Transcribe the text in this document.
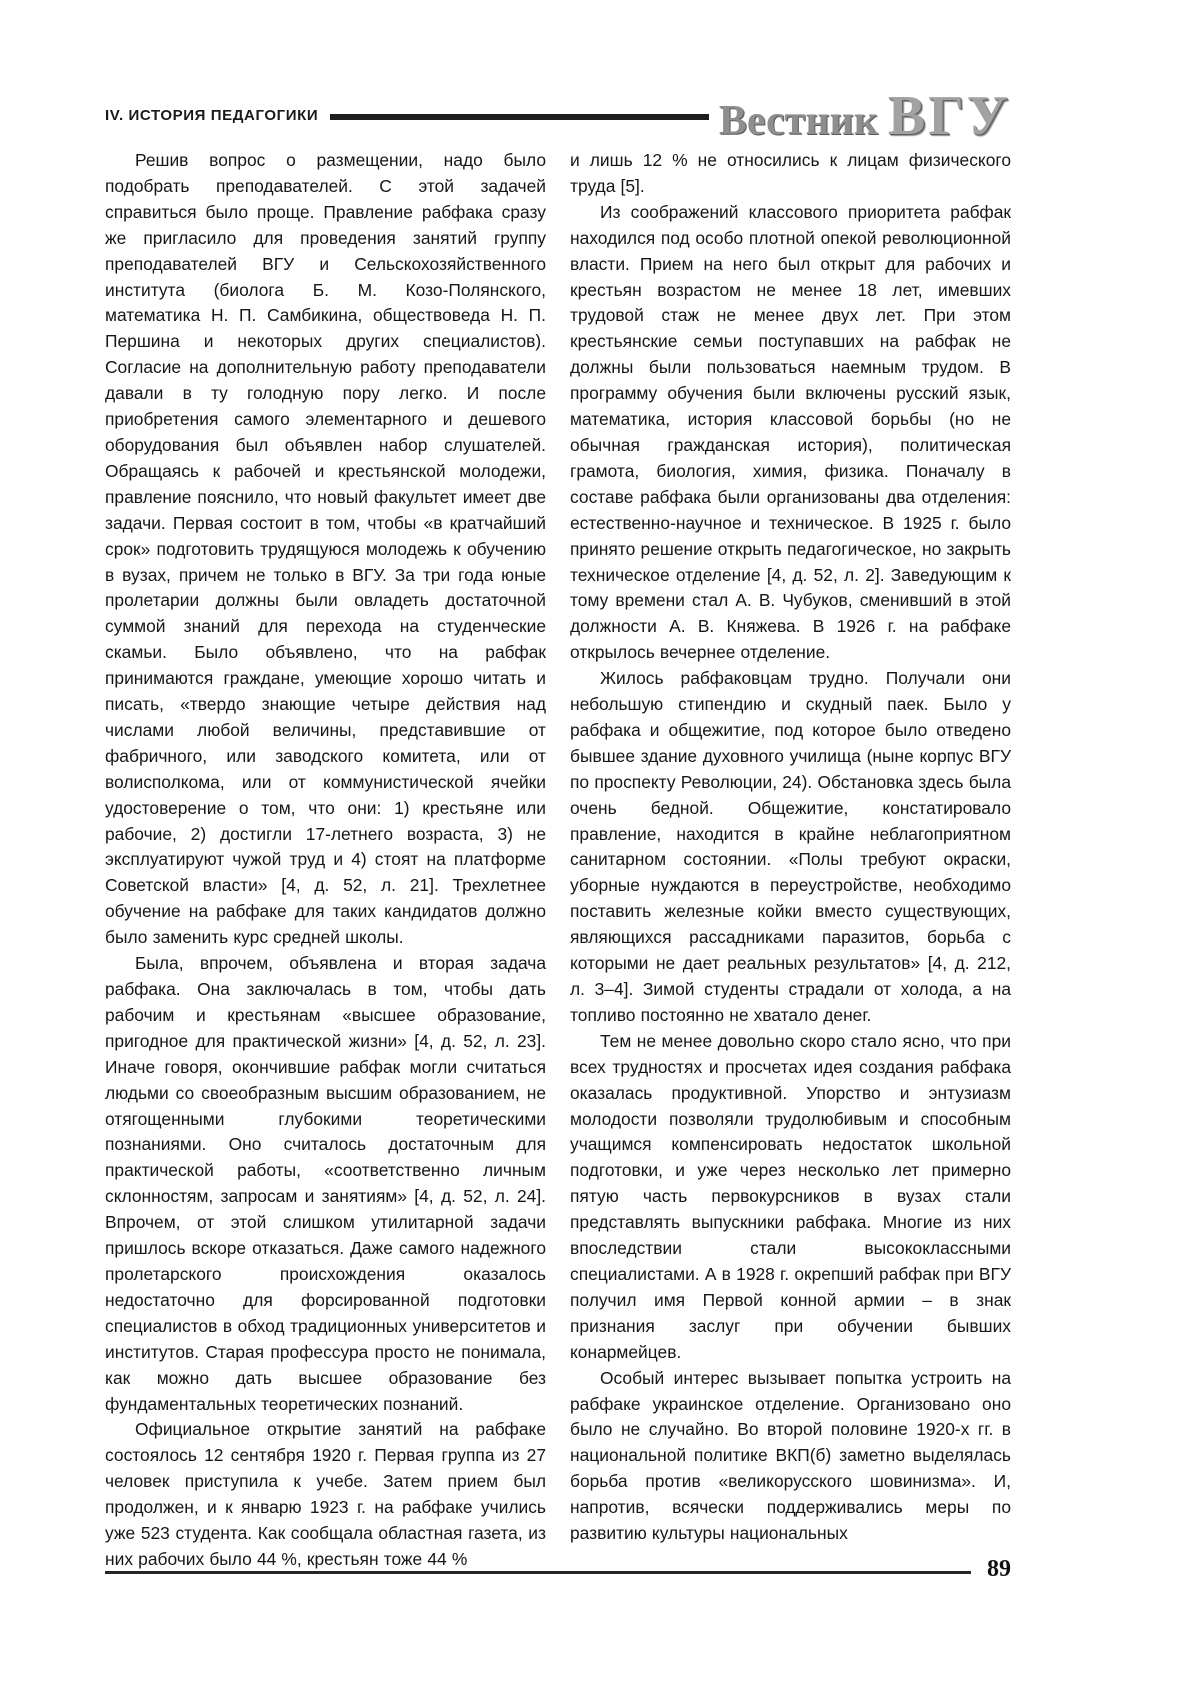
IV. ИСТОРИЯ ПЕДАГОГИКИ	Вестник ВГУ

Решив вопрос о размещении, надо было подобрать преподавателей. С этой задачей справиться было проще. Правление рабфака сразу же пригласило для проведения занятий группу преподавателей ВГУ и Сельскохозяйственного института (биолога Б. М. Козо-Полянского, математика Н. П. Самбикина, обществоведа Н. П. Першина и некоторых других специалистов). Согласие на дополнительную работу преподаватели давали в ту голодную пору легко. И после приобретения самого элементарного и дешевого оборудования был объявлен набор слушателей. Обращаясь к рабочей и крестьянской молодежи, правление пояснило, что новый факультет имеет две задачи. Первая состоит в том, чтобы «в кратчайший срок» подготовить трудящуюся молодежь к обучению в вузах, причем не только в ВГУ. За три года юные пролетарии должны были овладеть достаточной суммой знаний для перехода на студенческие скамьи. Было объявлено, что на рабфак принимаются граждане, умеющие хорошо читать и писать, «твердо знающие четыре действия над числами любой величины, представившие от фабричного, или заводского комитета, или от волисполкома, или от коммунистической ячейки удостоверение о том, что они: 1) крестьяне или рабочие, 2) достигли 17-летнего возраста, 3) не эксплуатируют чужой труд и 4) стоят на платформе Советской власти» [4, д. 52, л. 21]. Трехлетнее обучение на рабфаке для таких кандидатов должно было заменить курс средней школы.

Была, впрочем, объявлена и вторая задача рабфака. Она заключалась в том, чтобы дать рабочим и крестьянам «высшее образование, пригодное для практической жизни» [4, д. 52, л. 23]. Иначе говоря, окончившие рабфак могли считаться людьми со своеобразным высшим образованием, не отягощенными глубокими теоретическими познаниями. Оно считалось достаточным для практической работы, «соответственно личным склонностям, запросам и занятиям» [4, д. 52, л. 24]. Впрочем, от этой слишком утилитарной задачи пришлось вскоре отказаться. Даже самого надежного пролетарского происхождения оказалось недостаточно для форсированной подготовки специалистов в обход традиционных университетов и институтов. Старая профессура просто не понимала, как можно дать высшее образование без фундаментальных теоретических познаний.

Официальное открытие занятий на рабфаке состоялось 12 сентября 1920 г. Первая группа из 27 человек приступила к учебе. Затем прием был продолжен, и к январю 1923 г. на рабфаке учились уже 523 студента. Как сообщала областная газета, из них рабочих было 44 %, крестьян тоже 44 %

и лишь 12 % не относились к лицам физического труда [5].

Из соображений классового приоритета рабфак находился под особо плотной опекой революционной власти. Прием на него был открыт для рабочих и крестьян возрастом не менее 18 лет, имевших трудовой стаж не менее двух лет. При этом крестьянские семьи поступавших на рабфак не должны были пользоваться наемным трудом. В программу обучения были включены русский язык, математика, история классовой борьбы (но не обычная гражданская история), политическая грамота, биология, химия, физика. Поначалу в составе рабфака были организованы два отделения: естественно-научное и техническое. В 1925 г. было принято решение открыть педагогическое, но закрыть техническое отделение [4, д. 52, л. 2]. Заведующим к тому времени стал А. В. Чубуков, сменивший в этой должности А. В. Княжева. В 1926 г. на рабфаке открылось вечернее отделение.

Жилось рабфаковцам трудно. Получали они небольшую стипендию и скудный паек. Было у рабфака и общежитие, под которое было отведено бывшее здание духовного училища (ныне корпус ВГУ по проспекту Революции, 24). Обстановка здесь была очень бедной. Общежитие, констатировало правление, находится в крайне неблагоприятном санитарном состоянии. «Полы требуют окраски, уборные нуждаются в переустройстве, необходимо поставить железные койки вместо существующих, являющихся рассадниками паразитов, борьба с которыми не дает реальных результатов» [4, д. 212, л. 3–4]. Зимой студенты страдали от холода, а на топливо постоянно не хватало денег.

Тем не менее довольно скоро стало ясно, что при всех трудностях и просчетах идея создания рабфака оказалась продуктивной. Упорство и энтузиазм молодости позволяли трудолюбивым и способным учащимся компенсировать недостаток школьной подготовки, и уже через несколько лет примерно пятую часть первокурсников в вузах стали представлять выпускники рабфака. Многие из них впоследствии стали высококлассными специалистами. А в 1928 г. окрепший рабфак при ВГУ получил имя Первой конной армии – в знак признания заслуг при обучении бывших конармейцев.

Особый интерес вызывает попытка устроить на рабфаке украинское отделение. Организовано оно было не случайно. Во второй половине 1920-х гг. в национальной политике ВКП(б) заметно выделялась борьба против «великорусского шовинизма». И, напротив, всячески поддерживались меры по развитию культуры национальных

89
